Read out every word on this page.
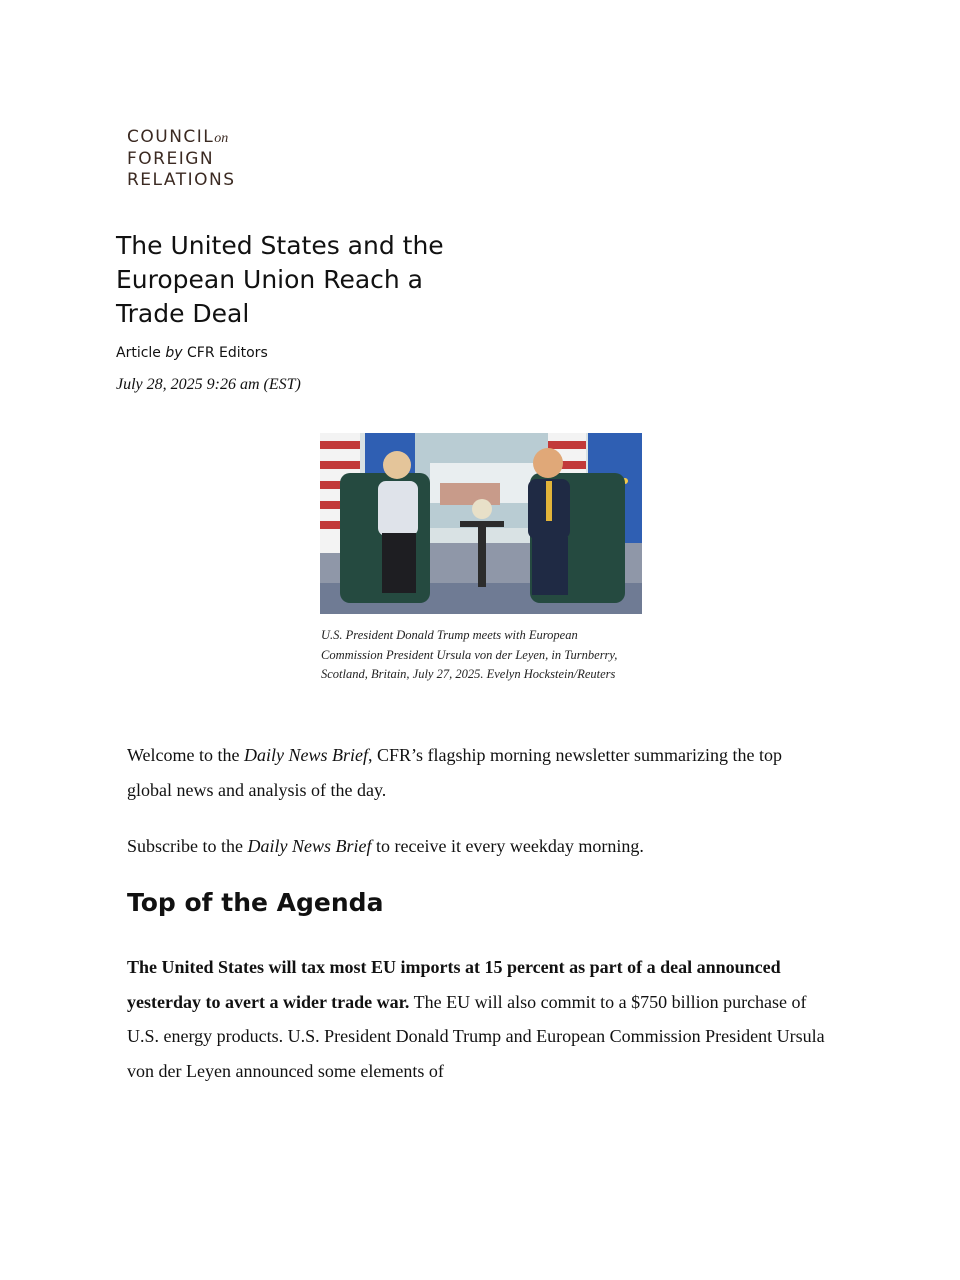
COUNCILon
FOREIGN
RELATIONS
The United States and the European Union Reach a Trade Deal
Article by CFR Editors
July 28, 2025 9:26 am (EST)
U.S. President Donald Trump meets with European Commission President Ursula von der Leyen, in Turnberry, Scotland, Britain, July 27, 2025. Evelyn Hockstein/Reuters

Welcome to the Daily News Brief, CFR’s flagship morning newsletter summarizing the top global news and analysis of the day.

Subscribe to the Daily News Brief to receive it every weekday morning.

Top of the Agenda

The United States will tax most EU imports at 15 percent as part of a deal announced yesterday to avert a wider trade war. The EU will also commit to a $750 billion purchase of U.S. energy products. U.S. President Donald Trump and European Commission President Ursula von der Leyen announced some elements of
